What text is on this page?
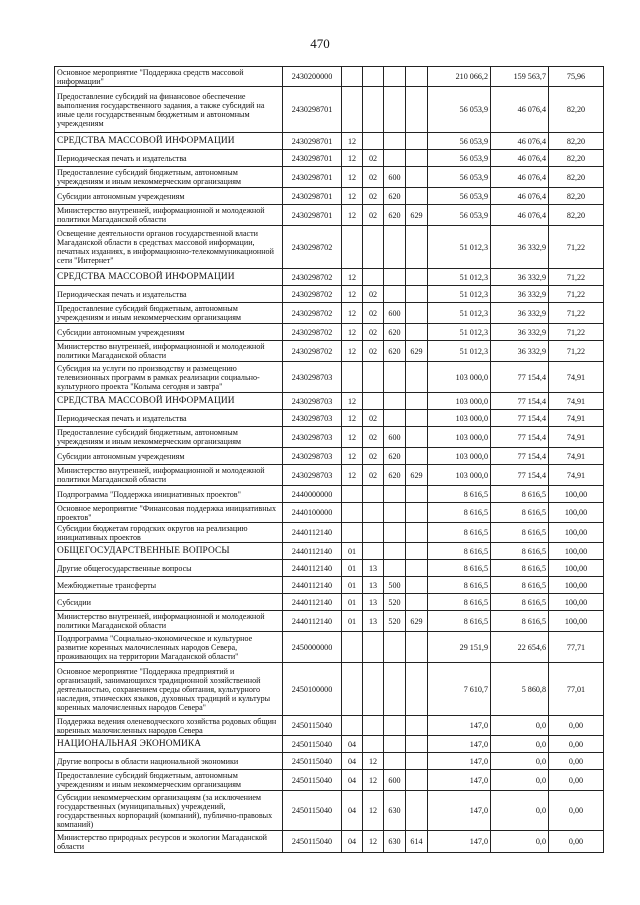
470
Основное мероприятие "Поддержка средств массовой информации"	2430200000					210 066,2	159 563,7	75,96
Предоставление субсидий на финансовое обеспечение выполнения государственного задания, а также субсидий на иные цели государственным бюджетным и автономным учреждениям	2430298701					56 053,9	46 076,4	82,20
СРЕДСТВА МАССОВОЙ ИНФОРМАЦИИ	2430298701	12				56 053,9	46 076,4	82,20
Периодическая печать и издательства	2430298701	12	02			56 053,9	46 076,4	82,20
Предоставление субсидий бюджетным, автономным учреждениям и иным некоммерческим организациям	2430298701	12	02	600		56 053,9	46 076,4	82,20
Субсидии автономным учреждениям	2430298701	12	02	620		56 053,9	46 076,4	82,20
Министерство внутренней, информационной и молодежной политики Магаданской области	2430298701	12	02	620	629	56 053,9	46 076,4	82,20
Освещение деятельности органов государственной власти Магаданской области в средствах массовой информации, печатных изданиях, в информационно-телекоммуникационной сети "Интернет"	2430298702					51 012,3	36 332,9	71,22
СРЕДСТВА МАССОВОЙ ИНФОРМАЦИИ	2430298702	12				51 012,3	36 332,9	71,22
Периодическая печать и издательства	2430298702	12	02			51 012,3	36 332,9	71,22
Предоставление субсидий бюджетным, автономным учреждениям и иным некоммерческим организациям	2430298702	12	02	600		51 012,3	36 332,9	71,22
Субсидии автономным учреждениям	2430298702	12	02	620		51 012,3	36 332,9	71,22
Министерство внутренней, информационной и молодежной политики Магаданской области	2430298702	12	02	620	629	51 012,3	36 332,9	71,22
Субсидия на услуги по производству и размещению телевизионных программ в рамках реализации социально-культурного проекта "Колыма сегодня и завтра"	2430298703					103 000,0	77 154,4	74,91
СРЕДСТВА МАССОВОЙ ИНФОРМАЦИИ	2430298703	12				103 000,0	77 154,4	74,91
Периодическая печать и издательства	2430298703	12	02			103 000,0	77 154,4	74,91
Предоставление субсидий бюджетным, автономным учреждениям и иным некоммерческим организациям	2430298703	12	02	600		103 000,0	77 154,4	74,91
Субсидии автономным учреждениям	2430298703	12	02	620		103 000,0	77 154,4	74,91
Министерство внутренней, информационной и молодежной политики Магаданской области	2430298703	12	02	620	629	103 000,0	77 154,4	74,91
Подпрограмма "Поддержка инициативных проектов"	2440000000					8 616,5	8 616,5	100,00
Основное мероприятие "Финансовая поддержка инициативных проектов"	2440100000					8 616,5	8 616,5	100,00
Субсидии бюджетам городских округов на реализацию инициативных проектов	2440112140					8 616,5	8 616,5	100,00
ОБЩЕГОСУДАРСТВЕННЫЕ ВОПРОСЫ	2440112140	01				8 616,5	8 616,5	100,00
Другие общегосударственные вопросы	2440112140	01	13			8 616,5	8 616,5	100,00
Межбюджетные трансферты	2440112140	01	13	500		8 616,5	8 616,5	100,00
Субсидии	2440112140	01	13	520		8 616,5	8 616,5	100,00
Министерство внутренней, информационной и молодежной политики Магаданской области	2440112140	01	13	520	629	8 616,5	8 616,5	100,00
Подпрограмма "Социально-экономическое и культурное развитие коренных малочисленных народов Севера, проживающих на территории Магаданской области"	2450000000					29 151,9	22 654,6	77,71
Основное мероприятие "Поддержка предприятий и организаций, занимающихся традиционной хозяйственной деятельностью, сохранением среды обитания, культурного наследия, этнических языков, духовных традиций и культуры коренных малочисленных народов Севера"	2450100000					7 610,7	5 860,8	77,01
Поддержка ведения оленеводческого хозяйства родовых общин коренных малочисленных народов Севера	2450115040					147,0	0,0	0,00
НАЦИОНАЛЬНАЯ ЭКОНОМИКА	2450115040	04				147,0	0,0	0,00
Другие вопросы в области национальной экономики	2450115040	04	12			147,0	0,0	0,00
Предоставление субсидий бюджетным, автономным учреждениям и иным некоммерческим организациям	2450115040	04	12	600		147,0	0,0	0,00
Субсидии некоммерческим организациям (за исключением государственных (муниципальных) учреждений, государственных корпораций (компаний), публично-правовых компаний)	2450115040	04	12	630		147,0	0,0	0,00
Министерство природных ресурсов и экологии Магаданской области	2450115040	04	12	630	614	147,0	0,0	0,00
